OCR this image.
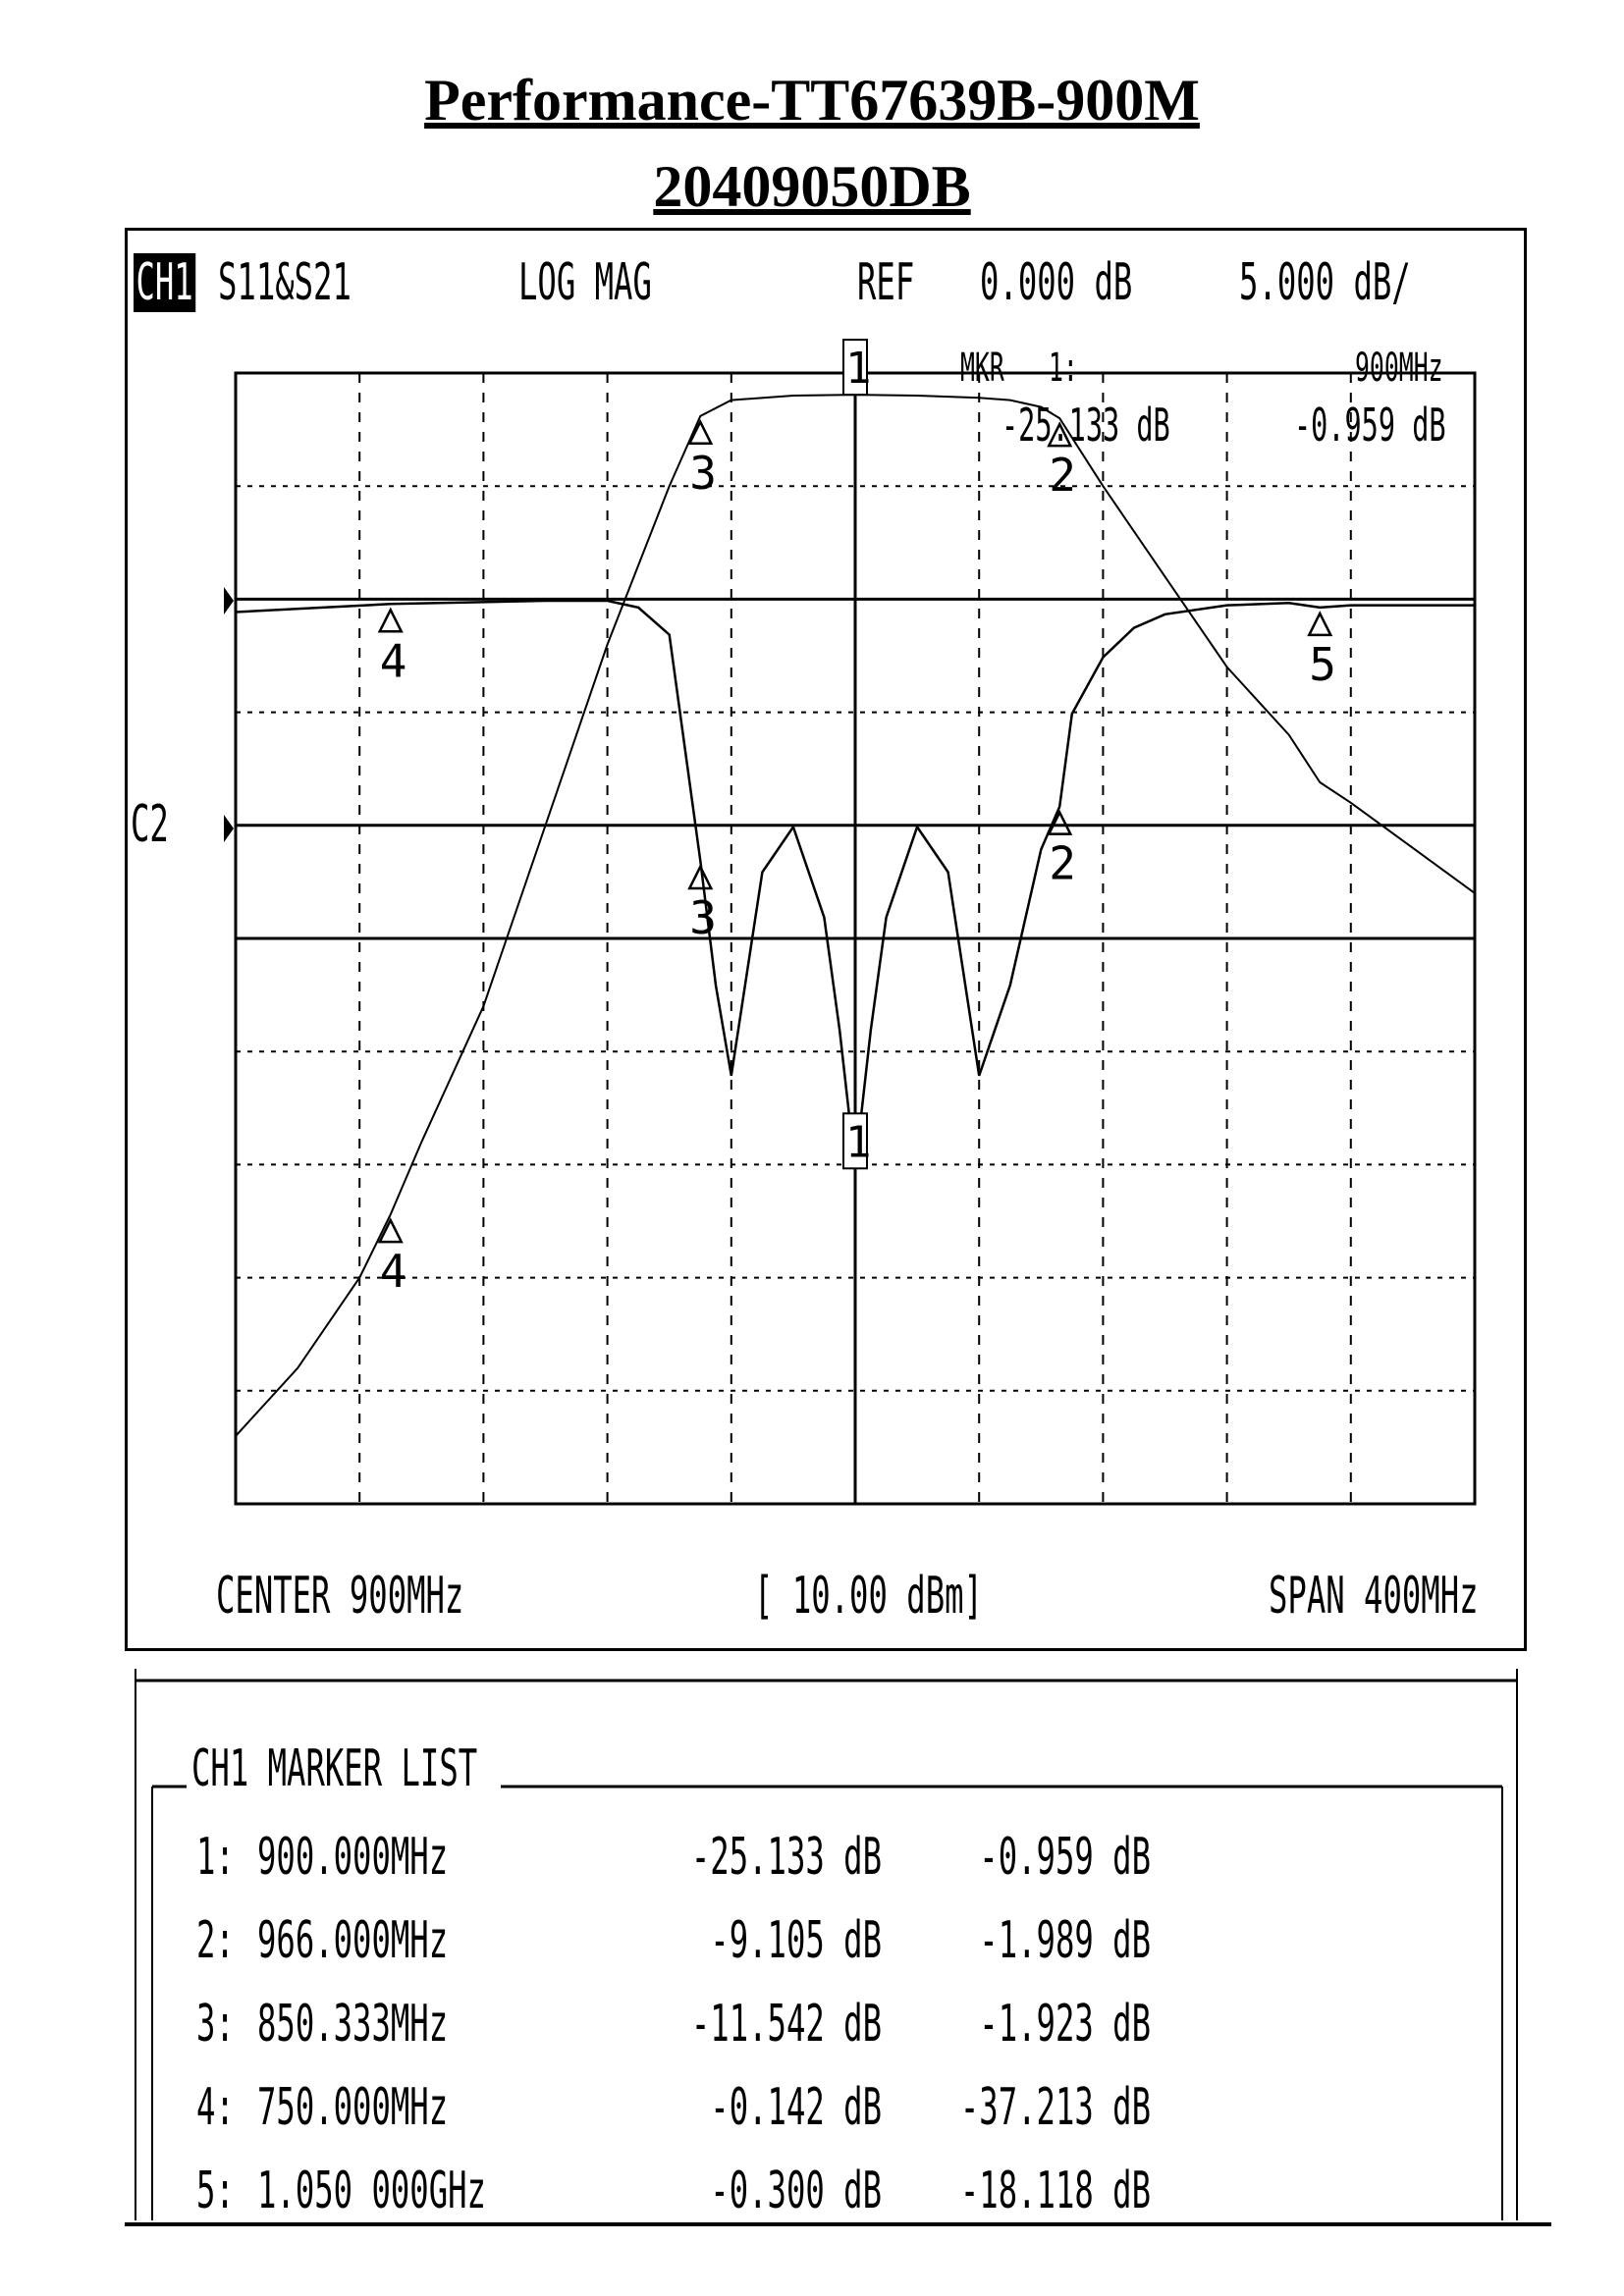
Performance-TT67639B-900M
20409050DB
CH1 S11&S21	LOG MAG	REF 0.000 dB 5.000 dB/
MKR 1:	900MHz
-25.133 dB	-0.959 dB
C2
1
2
3
4	5
1
2
3
4
CENTER 900MHz	[ 10.00 dBm]	SPAN 400MHz
CH1 MARKER LIST
1: 900.000MHz	-25.133 dB -0.959 dB
2: 966.000MHz	-9.105 dB -1.989 dB
3: 850.333MHz	-11.542 dB -1.923 dB
4: 750.000MHz	-0.142 dB -37.213 dB
5: 1.050 000GHz	-0.300 dB -18.118 dB
